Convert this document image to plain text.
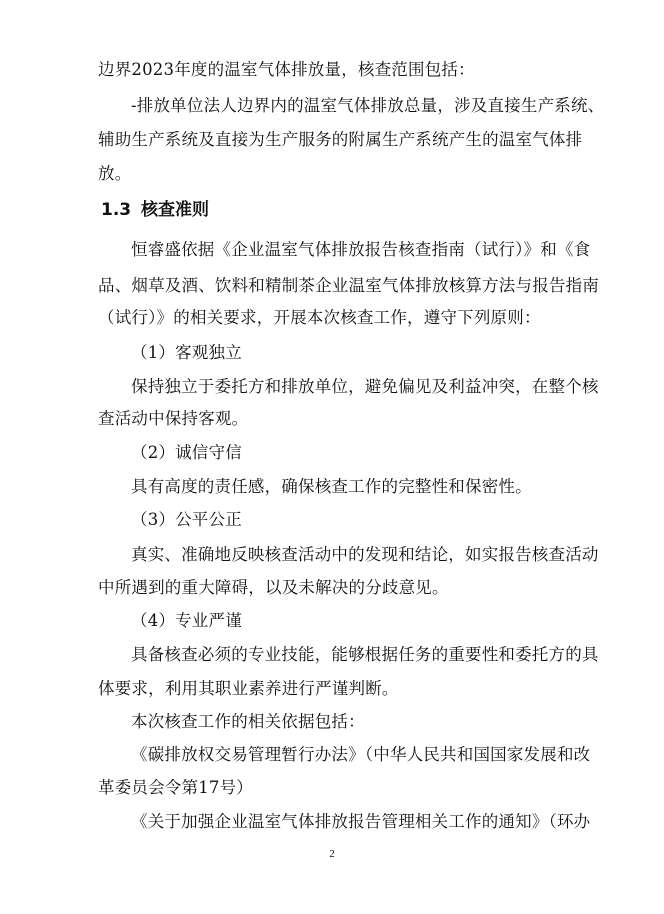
边界2023年度的温室气体排放量，核查范围包括：
-排放单位法人边界内的温室气体排放总量，涉及直接生产系统、
辅助生产系统及直接为生产服务的附属生产系统产生的温室气体排
放。
1.3 核查准则
恒睿盛依据《企业温室气体排放报告核查指南（试行）》和《食
品、烟草及酒、饮料和精制茶企业温室气体排放核算方法与报告指南
（试行）》的相关要求，开展本次核查工作，遵守下列原则：
（1）客观独立
保持独立于委托方和排放单位，避免偏见及利益冲突，在整个核
查活动中保持客观。
（2）诚信守信
具有高度的责任感，确保核查工作的完整性和保密性。
（3）公平公正
真实、准确地反映核查活动中的发现和结论，如实报告核查活动
中所遇到的重大障碍，以及未解决的分歧意见。
（4）专业严谨
具备核查必须的专业技能，能够根据任务的重要性和委托方的具
体要求，利用其职业素养进行严谨判断。
本次核查工作的相关依据包括：
《碳排放权交易管理暂行办法》（中华人民共和国国家发展和改
革委员会令第17号）
《关于加强企业温室气体排放报告管理相关工作的通知》（环办
2
